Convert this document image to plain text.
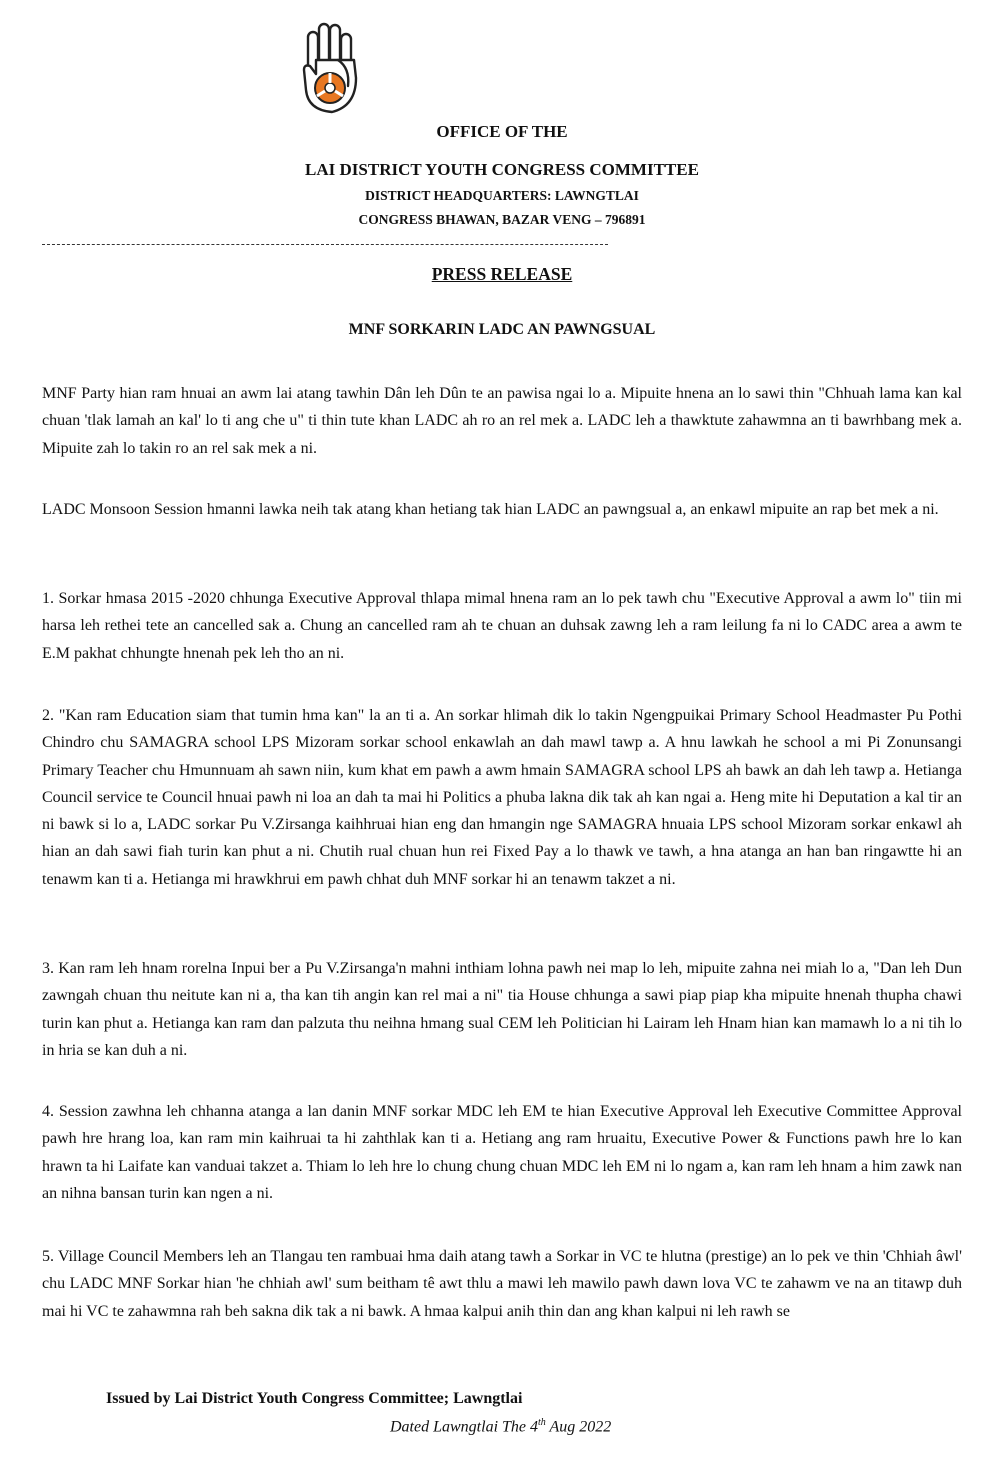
OFFICE OF THE
LAI DISTRICT YOUTH CONGRESS COMMITTEE
DISTRICT HEADQUARTERS: LAWNGTLAI
CONGRESS BHAWAN, BAZAR VENG – 796891
PRESS RELEASE
MNF SORKARIN LADC AN PAWNGSUAL

MNF Party hian ram hnuai an awm lai atang tawhin Dân leh Dûn te an pawisa ngai lo a. Mipuite hnena an lo sawi thin "Chhuah lama kan kal chuan 'tlak lamah an kal' lo ti ang che u" ti thin tute khan LADC ah ro an rel mek a. LADC leh a thawktute zahawmna an ti bawrhbang mek a. Mipuite zah lo takin ro an rel sak mek a ni.

LADC Monsoon Session hmanni lawka neih tak atang khan hetiang tak hian LADC an pawngsual a, an enkawl mipuite an rap bet mek a ni.

1. Sorkar hmasa 2015 -2020 chhunga Executive Approval thlapa mimal hnena ram an lo pek tawh chu "Executive Approval a awm lo" tiin mi harsa leh rethei tete an cancelled sak a. Chung an cancelled ram ah te chuan an duhsak zawng leh a ram leilung fa ni lo CADC area a awm te E.M pakhat chhungte hnenah pek leh tho an ni.

2. "Kan ram Education siam that tumin hma kan" la an ti a. An sorkar hlimah dik lo takin Ngengpuikai Primary School Headmaster Pu Pothi Chindro chu SAMAGRA school LPS Mizoram sorkar school enkawlah an dah mawl tawp a. A hnu lawkah he school a mi Pi Zonunsangi Primary Teacher chu Hmunnuam ah sawn niin, kum khat em pawh a awm hmain SAMAGRA school LPS ah bawk an dah leh tawp a. Hetianga Council service te Council hnuai pawh ni loa an dah ta mai hi Politics a phuba lakna dik tak ah kan ngai a. Heng mite hi Deputation a kal tir an ni bawk si lo a, LADC sorkar Pu V.Zirsanga kaihhruai hian eng dan hmangin nge SAMAGRA hnuaia LPS school Mizoram sorkar enkawl ah hian an dah sawi fiah turin kan phut a ni. Chutih rual chuan hun rei Fixed Pay a lo thawk ve tawh, a hna atanga an han ban ringawtte hi an tenawm kan ti a. Hetianga mi hrawkhrui em pawh chhat duh MNF sorkar hi an tenawm takzet a ni.

3. Kan ram leh hnam rorelna Inpui ber a Pu V.Zirsanga'n mahni inthiam lohna pawh nei map lo leh, mipuite zahna nei miah lo a, "Dan leh Dun zawngah chuan thu neitute kan ni a, tha kan tih angin kan rel mai a ni" tia House chhunga a sawi piap piap kha mipuite hnenah thupha chawi turin kan phut a. Hetianga kan ram dan palzuta thu neihna hmang sual CEM leh Politician hi Lairam leh Hnam hian kan mamawh lo a ni tih lo in hria se kan duh a ni.

4. Session zawhna leh chhanna atanga a lan danin MNF sorkar MDC leh EM te hian Executive Approval leh Executive Committee Approval pawh hre hrang loa, kan ram min kaihruai ta hi zahthlak kan ti a. Hetiang ang ram hruaitu, Executive Power & Functions pawh hre lo kan hrawn ta hi Laifate kan vanduai takzet a. Thiam lo leh hre lo chung chung chuan MDC leh EM ni lo ngam a, kan ram leh hnam a him zawk nan an nihna bansan turin kan ngen a ni.

5. Village Council Members leh an Tlangau ten rambuai hma daih atang tawh a Sorkar in VC te hlutna (prestige) an lo pek ve thin 'Chhiah âwl' chu LADC MNF Sorkar hian 'he chhiah awl' sum beitham tê awt thlu a mawi leh mawilo pawh dawn lova VC te zahawm ve na an titawp duh mai hi VC te zahawmna rah beh sakna dik tak a ni bawk. A hmaa kalpui anih thin dan ang khan kalpui ni leh rawh se

Issued by Lai District Youth Congress Committee; Lawngtlai
Dated Lawngtlai The 4th Aug 2022
